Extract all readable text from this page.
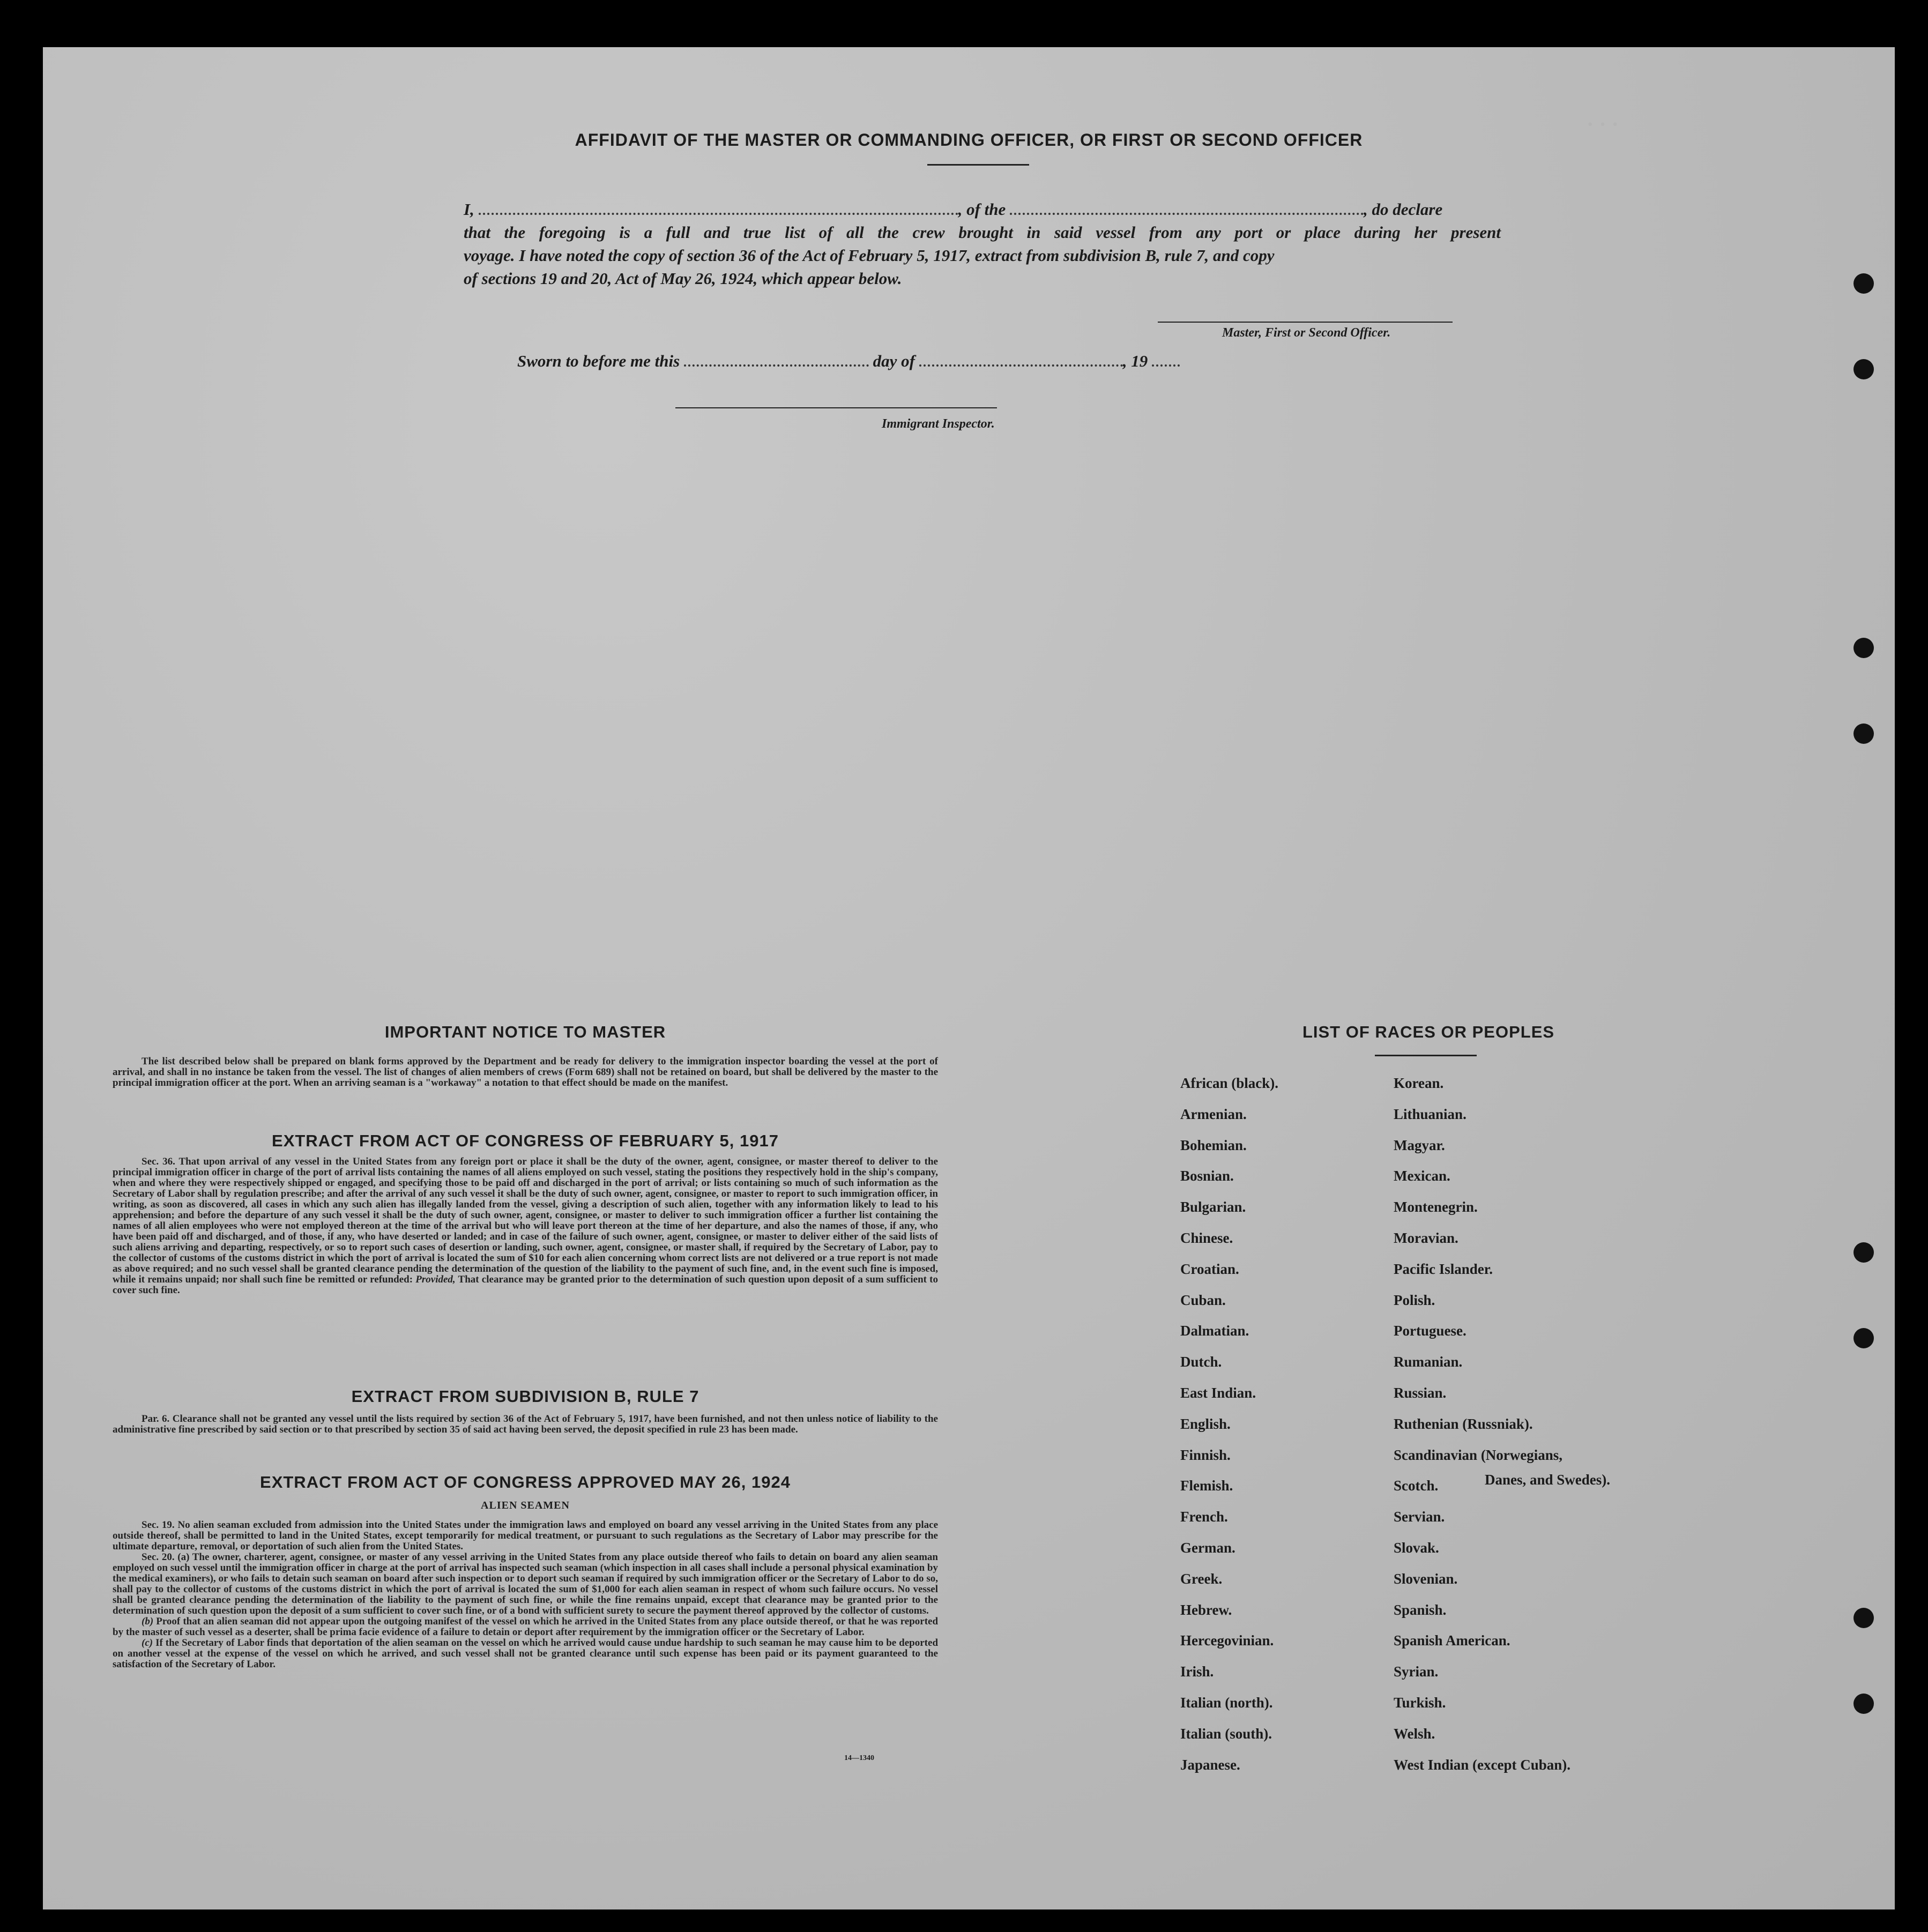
· · ·
AFFIDAVIT OF THE MASTER OR COMMANDING OFFICER, OR FIRST OR SECOND OFFICER
I,	, of the	, do declare
that the foregoing is a full and true list of all the crew brought in said vessel from any port or place during her present
voyage. I have noted the copy of section 36 of the Act of February 5, 1917, extract from subdivision B, rule 7, and copy
of sections 19 and 20, Act of May 26, 1924, which appear below.
Master, First or Second Officer.
Sworn to before me this	day of	, 19
Immigrant Inspector.
IMPORTANT NOTICE TO MASTER

The list described below shall be prepared on blank forms approved by the Department and be ready for delivery to the immigration inspector boarding the vessel at the port of arrival, and shall in no instance be taken from the vessel. The list of changes of alien members of crews (Form 689) shall not be retained on board, but shall be delivered by the master to the principal immigration officer at the port. When an arriving seaman is a "workaway" a notation to that effect should be made on the manifest.

EXTRACT FROM ACT OF CONGRESS OF FEBRUARY 5, 1917

Sec. 36. That upon arrival of any vessel in the United States from any foreign port or place it shall be the duty of the owner, agent, consignee, or master thereof to deliver to the principal immigration officer in charge of the port of arrival lists containing the names of all aliens employed on such vessel, stating the positions they respectively hold in the ship's company, when and where they were respectively shipped or engaged, and specifying those to be paid off and discharged in the port of arrival; or lists containing so much of such information as the Secretary of Labor shall by regulation prescribe; and after the arrival of any such vessel it shall be the duty of such owner, agent, consignee, or master to report to such immigration officer, in writing, as soon as discovered, all cases in which any such alien has illegally landed from the vessel, giving a description of such alien, together with any information likely to lead to his apprehension; and before the departure of any such vessel it shall be the duty of such owner, agent, consignee, or master to deliver to such immigration officer a further list containing the names of all alien employees who were not employed thereon at the time of the arrival but who will leave port thereon at the time of her departure, and also the names of those, if any, who have been paid off and discharged, and of those, if any, who have deserted or landed; and in case of the failure of such owner, agent, consignee, or master to deliver either of the said lists of such aliens arriving and departing, respectively, or so to report such cases of desertion or landing, such owner, agent, consignee, or master shall, if required by the Secretary of Labor, pay to the collector of customs of the customs district in which the port of arrival is located the sum of $10 for each alien concerning whom correct lists are not delivered or a true report is not made as above required; and no such vessel shall be granted clearance pending the determination of the question of the liability to the payment of such fine, and, in the event such fine is imposed, while it remains unpaid; nor shall such fine be remitted or refunded: Provided, That clearance may be granted prior to the determination of such question upon deposit of a sum sufficient to cover such fine.

EXTRACT FROM SUBDIVISION B, RULE 7

Par. 6. Clearance shall not be granted any vessel until the lists required by section 36 of the Act of February 5, 1917, have been furnished, and not then unless notice of liability to the administrative fine prescribed by said section or to that prescribed by section 35 of said act having been served, the deposit specified in rule 23 has been made.

EXTRACT FROM ACT OF CONGRESS APPROVED MAY 26, 1924
ALIEN SEAMEN

Sec. 19. No alien seaman excluded from admission into the United States under the immigration laws and employed on board any vessel arriving in the United States from any place outside thereof, shall be permitted to land in the United States, except temporarily for medical treatment, or pursuant to such regulations as the Secretary of Labor may prescribe for the ultimate departure, removal, or deportation of such alien from the United States.

Sec. 20. (a) The owner, charterer, agent, consignee, or master of any vessel arriving in the United States from any place outside thereof who fails to detain on board any alien seaman employed on such vessel until the immigration officer in charge at the port of arrival has inspected such seaman (which inspection in all cases shall include a personal physical examination by the medical examiners), or who fails to detain such seaman on board after such inspection or to deport such seaman if required by such immigration officer or the Secretary of Labor to do so, shall pay to the collector of customs of the customs district in which the port of arrival is located the sum of $1,000 for each alien seaman in respect of whom such failure occurs. No vessel shall be granted clearance pending the determination of the liability to the payment of such fine, or while the fine remains unpaid, except that clearance may be granted prior to the determination of such question upon the deposit of a sum sufficient to cover such fine, or of a bond with sufficient surety to secure the payment thereof approved by the collector of customs.

(b) Proof that an alien seaman did not appear upon the outgoing manifest of the vessel on which he arrived in the United States from any place outside thereof, or that he was reported by the master of such vessel as a deserter, shall be prima facie evidence of a failure to detain or deport after requirement by the immigration officer or the Secretary of Labor.

(c) If the Secretary of Labor finds that deportation of the alien seaman on the vessel on which he arrived would cause undue hardship to such seaman he may cause him to be deported on another vessel at the expense of the vessel on which he arrived, and such vessel shall not be granted clearance until such expense has been paid or its payment guaranteed to the satisfaction of the Secretary of Labor.

14—1340
LIST OF RACES OR PEOPLES
African (black).
Armenian.
Bohemian.
Bosnian.
Bulgarian.
Chinese.
Croatian.
Cuban.
Dalmatian.
Dutch.
East Indian.
English.
Finnish.
Flemish.
French.
German.
Greek.
Hebrew.
Hercegovinian.
Irish.
Italian (north).
Italian (south).
Japanese.
Korean.
Lithuanian.
Magyar.
Mexican.
Montenegrin.
Moravian.
Pacific Islander.
Polish.
Portuguese.
Rumanian.
Russian.
Ruthenian (Russniak).
Scandinavian (Norwegians,
Scotch.
Servian.
Slovak.
Slovenian.
Spanish.
Spanish American.
Syrian.
Turkish.
Welsh.
West Indian (except Cuban).
Danes, and Swedes).
